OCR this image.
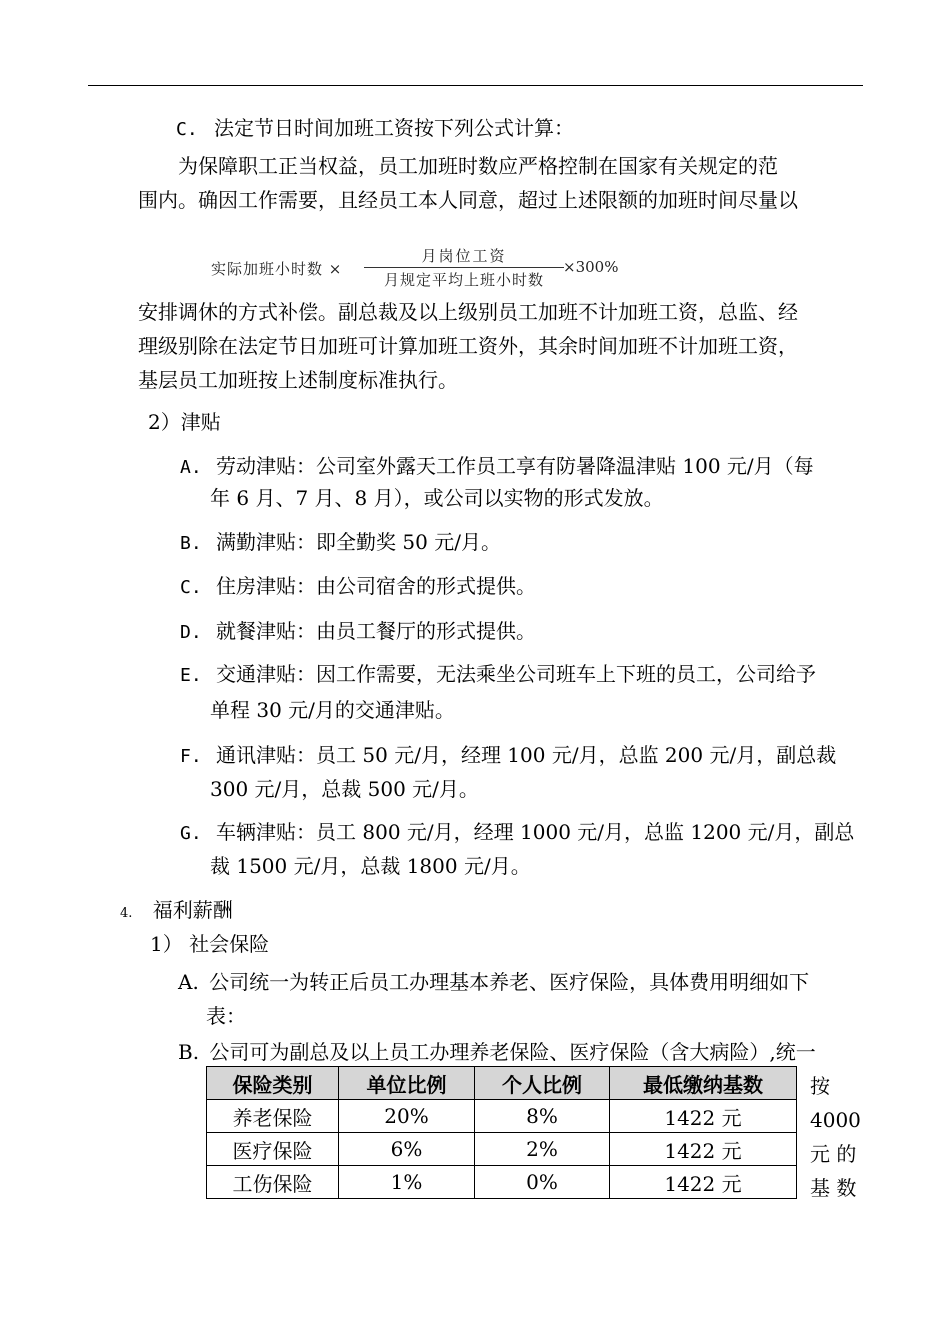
C. 法定节日时间加班工资按下列公式计算：
为保障职工正当权益，员工加班时数应严格控制在国家有关规定的范
围内。确因工作需要，且经员工本人同意，超过上述限额的加班时间尽量以
实际加班小时数 ×
月岗位工资
月规定平均上班小时数
×300%
安排调休的方式补偿。副总裁及以上级别员工加班不计加班工资，总监、经
理级别除在法定节日加班可计算加班工资外，其余时间加班不计加班工资，
基层员工加班按上述制度标准执行。
2）津贴
A. 劳动津贴：公司室外露天工作员工享有防暑降温津贴 100 元/月（每
年 6 月、7 月、8 月），或公司以实物的形式发放。
B. 满勤津贴：即全勤奖 50 元/月。
C. 住房津贴：由公司宿舍的形式提供。
D. 就餐津贴：由员工餐厅的形式提供。
E. 交通津贴：因工作需要，无法乘坐公司班车上下班的员工，公司给予
单程 30 元/月的交通津贴。
F. 通讯津贴：员工 50 元/月，经理 100 元/月，总监 200 元/月，副总裁
300 元/月，总裁 500 元/月。
G. 车辆津贴：员工 800 元/月，经理 1000 元/月，总监 1200 元/月，副总
裁 1500 元/月，总裁 1800 元/月。
4. 福利薪酬
1） 社会保险
A. 公司统一为转正后员工办理基本养老、医疗保险，具体费用明细如下
表：
B. 公司可为副总及以上员工办理养老保险、医疗保险（含大病险）,统一
保险类别	单位比例	个人比例	最低缴纳基数
养老保险	20%	8%	1422 元
医疗保险	6%	2%	1422 元
工伤保险	1%	0%	1422 元
按
4000
元 的
基 数
